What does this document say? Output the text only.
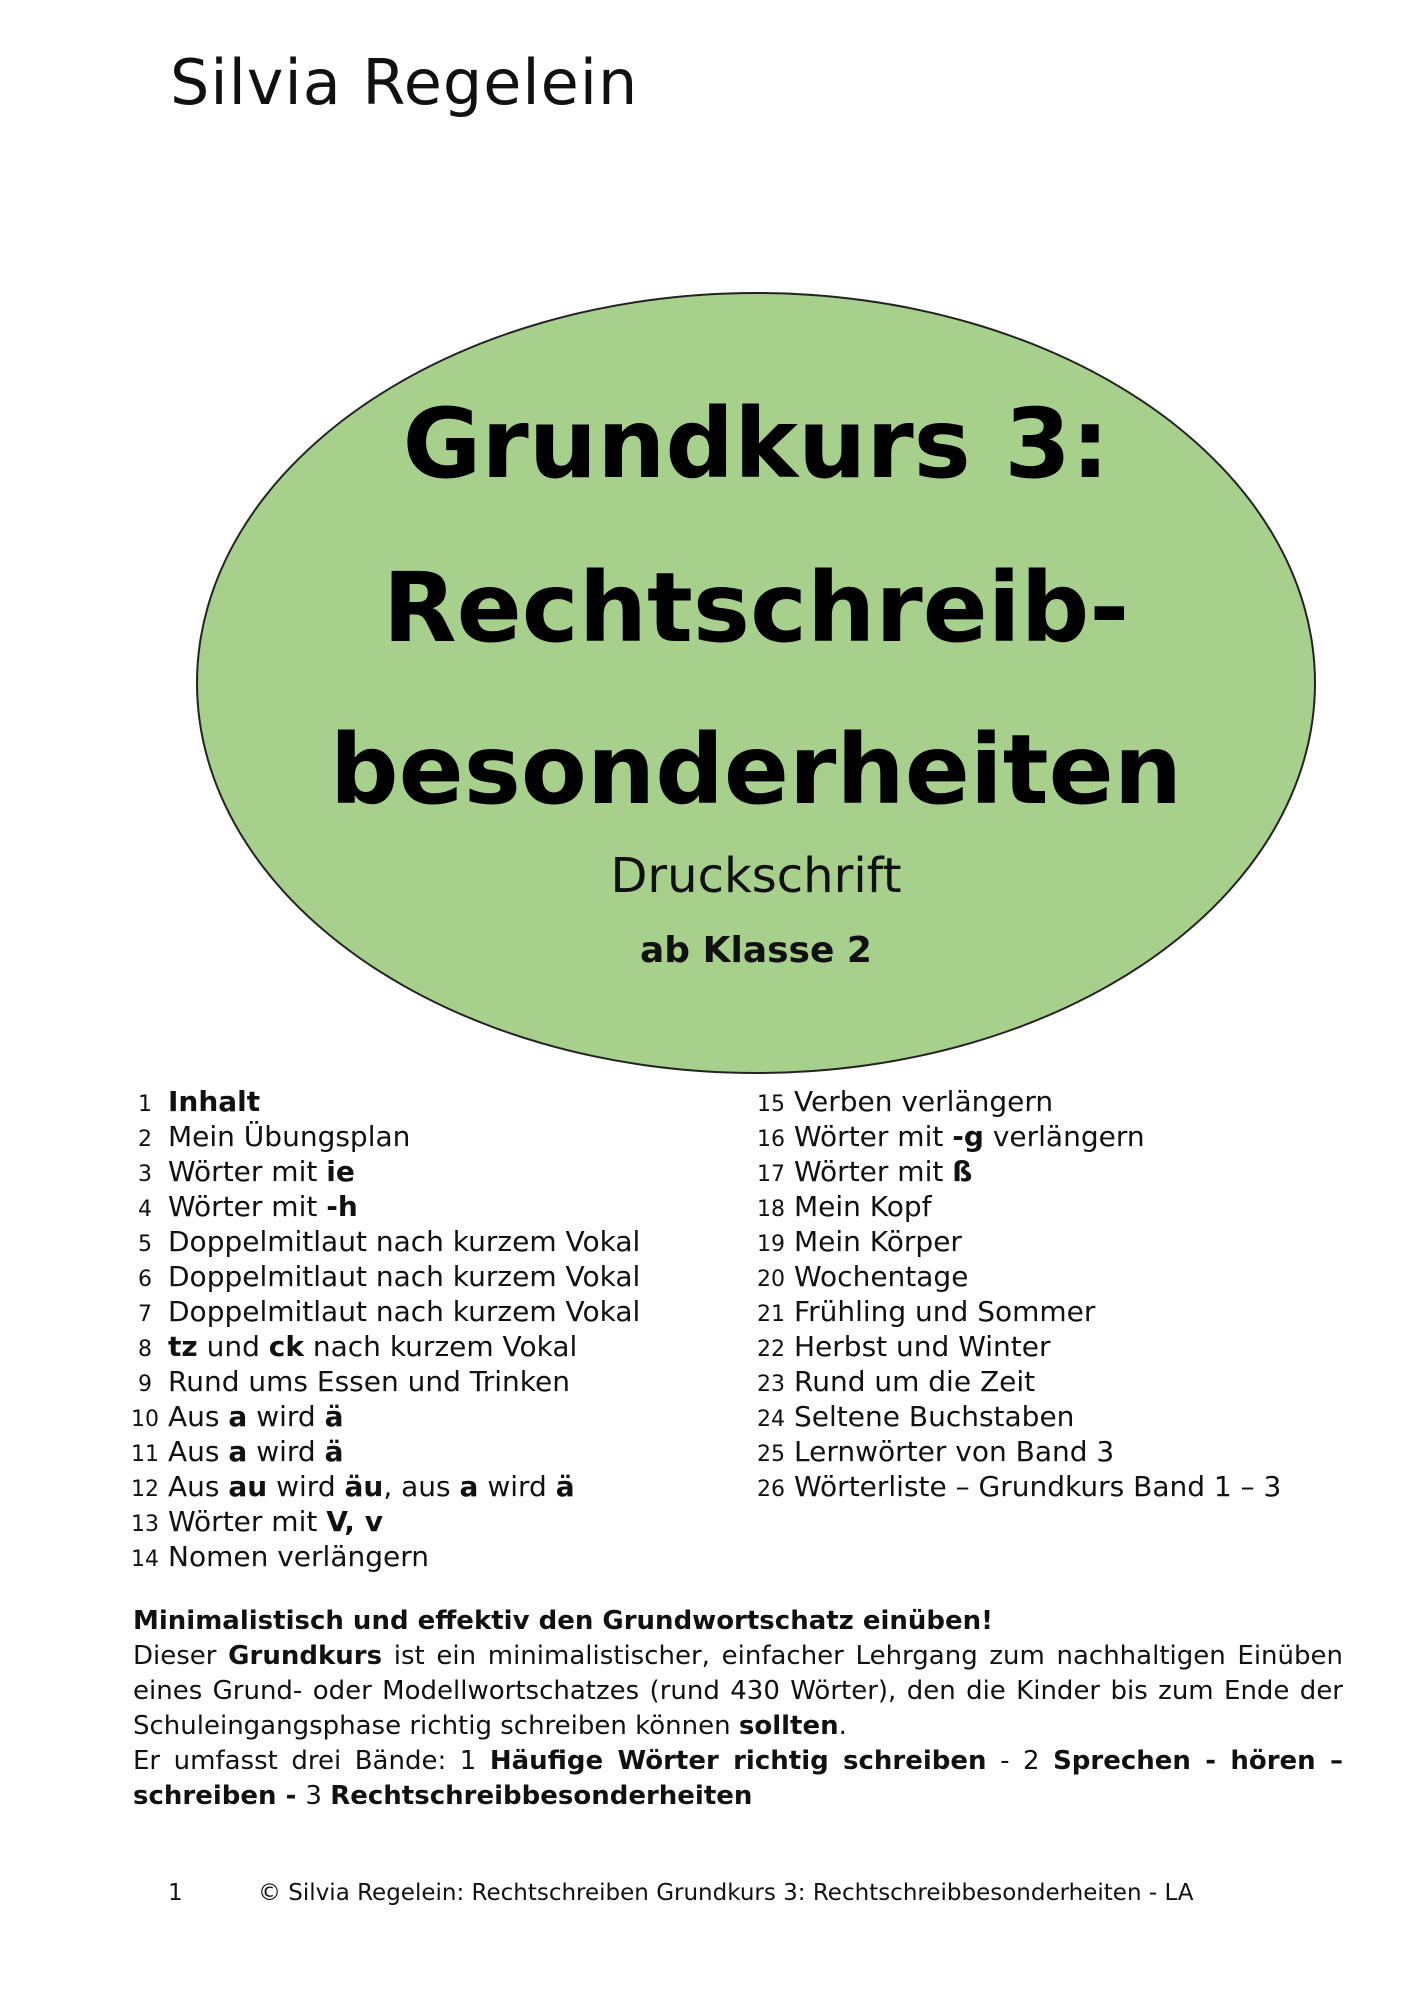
Silvia Regelein
Grundkurs 3:
Rechtschreib-
besonderheiten
Druckschrift
ab Klasse 2
1 Inhalt
2 Mein Übungsplan
3 Wörter mit ie
4 Wörter mit -h
5 Doppelmitlaut nach kurzem Vokal
6 Doppelmitlaut nach kurzem Vokal
7 Doppelmitlaut nach kurzem Vokal
8 tz und ck nach kurzem Vokal
9 Rund ums Essen und Trinken
10 Aus a wird ä
11 Aus a wird ä
12 Aus au wird äu, aus a wird ä
13 Wörter mit V, v
14 Nomen verlängern
15 Verben verlängern
16 Wörter mit -g verlängern
17 Wörter mit ß
18 Mein Kopf
19 Mein Körper
20 Wochentage
21 Frühling und Sommer
22 Herbst und Winter
23 Rund um die Zeit
24 Seltene Buchstaben
25 Lernwörter von Band 3
26 Wörterliste – Grundkurs Band 1 – 3

Minimalistisch und effektiv den Grundwortschatz einüben!

Dieser Grundkurs ist ein minimalistischer, einfacher Lehrgang zum nachhaltigen Einüben eines Grund- oder Modellwortschatzes (rund 430 Wörter), den die Kinder bis zum Ende der Schuleingangsphase richtig schreiben können sollten.

Er umfasst drei Bände: 1 Häufige Wörter richtig schreiben - 2 Sprechen - hören – schreiben - 3 Rechtschreibbesonderheiten

1	© Silvia Regelein: Rechtschreiben Grundkurs 3: Rechtschreibbesonderheiten - LA
